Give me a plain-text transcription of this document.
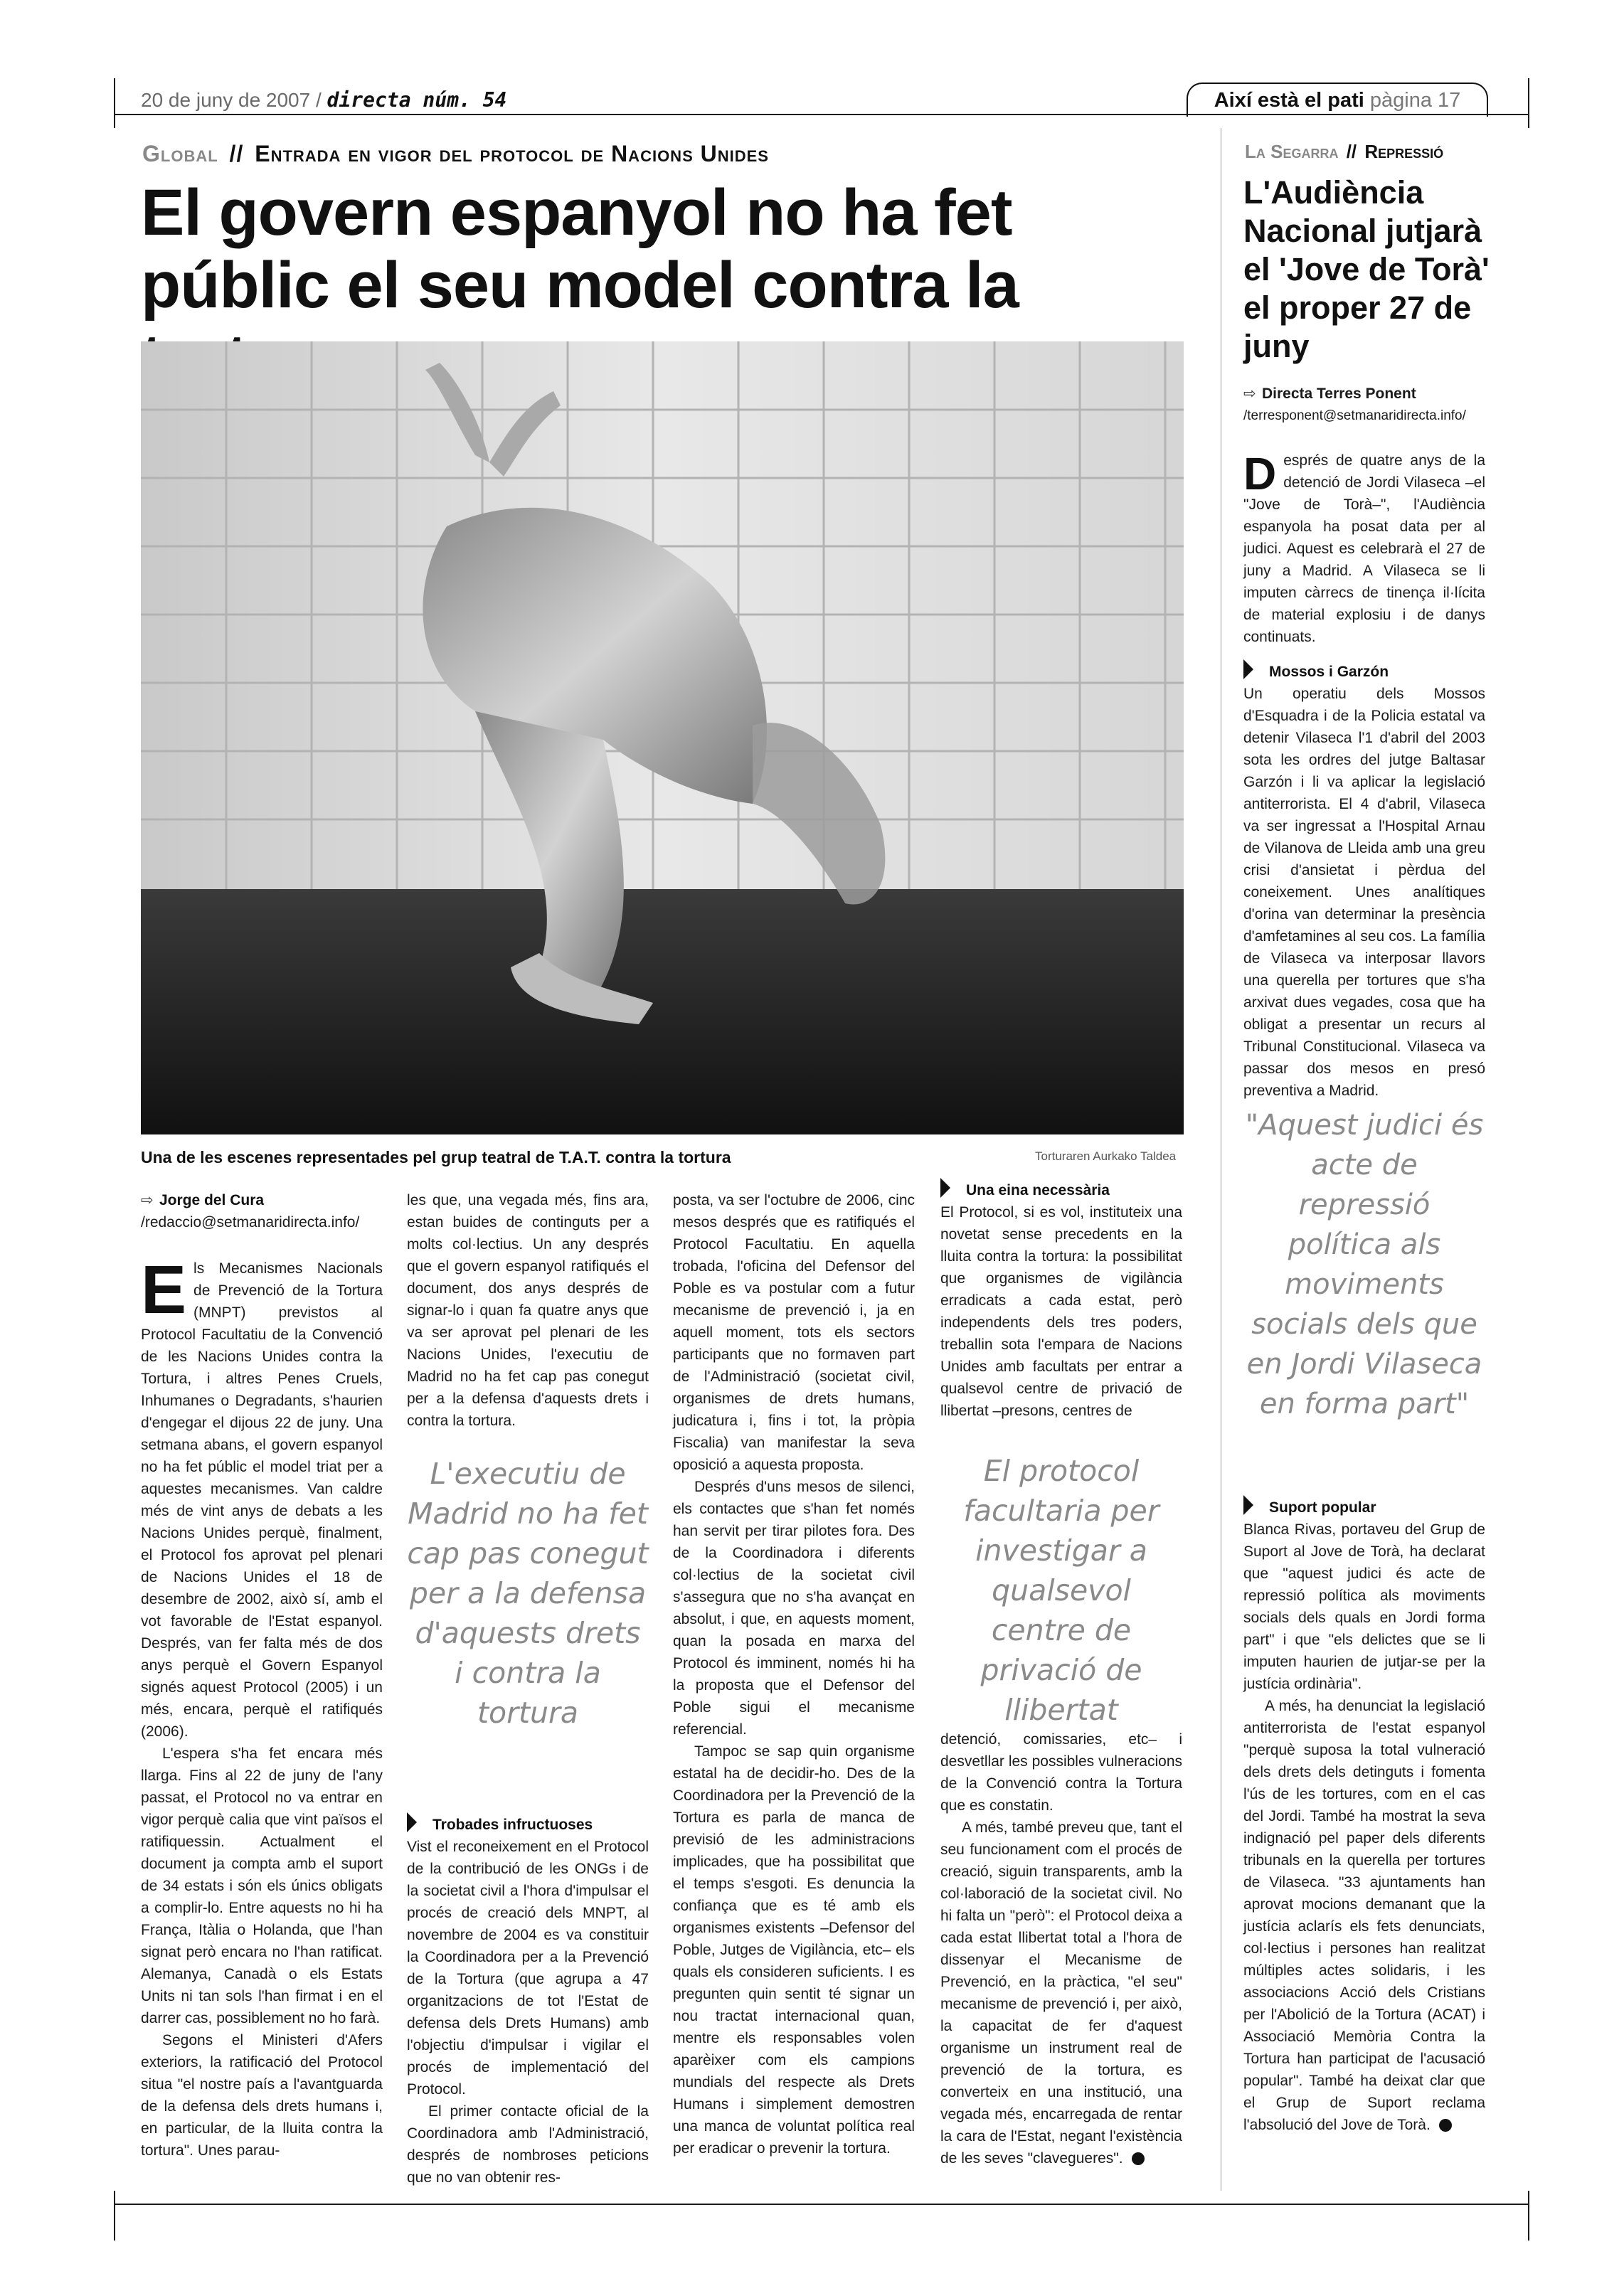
20 de juny de 2007 / directa núm. 54	Així està el pati pàgina 17
Global // Entrada en vigor del protocol de Nacions Unides
El govern espanyol no ha fet públic el seu model contra la
Una de les escenes representades pel grup teatral de T.A.T. contra la tortura	Torturaren Aurkako Taldea
⇨ Jorge del Cura
/redaccio@setmanaridirecta.info/

Els Mecanismes Nacionals de Prevenció de la Tortura (MNPT) previstos al Protocol Facultatiu de la Convenció de les Nacions Unides contra la Tortura, i altres Penes Cruels, Inhumanes o Degradants, s'haurien d'engegar el dijous 22 de juny. Una setmana abans, el govern espanyol no ha fet públic el model triat per a aquestes mecanismes. Van caldre més de vint anys de debats a les Nacions Unides perquè, finalment, el Protocol fos aprovat pel plenari de Nacions Unides el 18 de desembre de 2002, això sí, amb el vot favorable de l'Estat espanyol. Després, van fer falta més de dos anys perquè el Govern Espanyol signés aquest Protocol (2005) i un més, encara, perquè el ratifiqués (2006).

L'espera s'ha fet encara més llarga. Fins al 22 de juny de l'any passat, el Protocol no va entrar en vigor perquè calia que vint països el ratifiquessin. Actualment el document ja compta amb el suport de 34 estats i són els únics obligats a complir-lo. Entre aquests no hi ha França, Itàlia o Holanda, que l'han signat però encara no l'han ratificat. Alemanya, Canadà o els Estats Units ni tan sols l'han firmat i en el darrer cas, possiblement no ho farà.

Segons el Ministeri d'Afers exteriors, la ratificació del Protocol situa "el nostre país a l'avantguarda de la defensa dels drets humans i, en particular, de la lluita contra la tortura". Unes parau-

les que, una vegada més, fins ara, estan buides de continguts per a molts col·lectius. Un any després que el govern espanyol ratifiqués el document, dos anys després de signar-lo i quan fa quatre anys que va ser aprovat pel plenari de les Nacions Unides, l'executiu de Madrid no ha fet cap pas conegut per a la defensa d'aquests drets i contra la tortura.

L'executiu de Madrid no ha fet cap pas conegut per a la defensa d'aquests drets i contra la tortura
Trobades infructuoses

Vist el reconeixement en el Protocol de la contribució de les ONGs i de la societat civil a l'hora d'impulsar el procés de creació dels MNPT, al novembre de 2004 es va constituir la Coordinadora per a la Prevenció de la Tortura (que agrupa a 47 organitzacions de tot l'Estat de defensa dels Drets Humans) amb l'objectiu d'impulsar i vigilar el procés de implementació del Protocol.

El primer contacte oficial de la Coordinadora amb l'Administració, després de nombroses peticions que no van obtenir res-

posta, va ser l'octubre de 2006, cinc mesos després que es ratifiqués el Protocol Facultatiu. En aquella trobada, l'oficina del Defensor del Poble es va postular com a futur mecanisme de prevenció i, ja en aquell moment, tots els sectors participants que no formaven part de l'Administració (societat civil, organismes de drets humans, judicatura i, fins i tot, la pròpia Fiscalia) van manifestar la seva oposició a aquesta proposta.

Després d'uns mesos de silenci, els contactes que s'han fet només han servit per tirar pilotes fora. Des de la Coordinadora i diferents col·lectius de la societat civil s'assegura que no s'ha avançat en absolut, i que, en aquests moment, quan la posada en marxa del Protocol és imminent, només hi ha la proposta que el Defensor del Poble sigui el mecanisme referencial.

Tampoc se sap quin organisme estatal ha de decidir-ho. Des de la Coordinadora per la Prevenció de la Tortura es parla de manca de previsió de les administracions implicades, que ha possibilitat que el temps s'esgoti. Es denuncia la confiança que es té amb els organismes existents –Defensor del Poble, Jutges de Vigilància, etc– els quals els consideren suficients. I es pregunten quin sentit té signar un nou tractat internacional quan, mentre els responsables volen aparèixer com els campions mundials del respecte als Drets Humans i simplement demostren una manca de voluntat política real per eradicar o prevenir la tortura.

Una eina necessària

El Protocol, si es vol, instituteix una novetat sense precedents en la lluita contra la tortura: la possibilitat que organismes de vigilància erradicats a cada estat, però independents dels tres poders, treballin sota l'empara de Nacions Unides amb facultats per entrar a qualsevol centre de privació de llibertat –presons, centres de

El protocol facultaria per investigar a qualsevol centre de privació de llibertat

detenció, comissaries, etc– i desvetllar les possibles vulneracions de la Convenció contra la Tortura que es constatin.

A més, també preveu que, tant el seu funcionament com el procés de creació, siguin transparents, amb la col·laboració de la societat civil. No hi falta un "però": el Protocol deixa a cada estat llibertat total a l'hora de dissenyar el Mecanisme de Prevenció, en la pràctica, "el seu" mecanisme de prevenció i, per això, la capacitat de fer d'aquest organisme un instrument real de prevenció de la tortura, es converteix en una institució, una vegada més, encarregada de rentar la cara de l'Estat, negant l'existència de les seves "clavegueres".

La Segarra // Repressió
L'Audiència Nacional jutjarà el 'Jove de Torà' el proper 27 de juny
⇨ Directa Terres Ponent
/terresponent@setmanaridirecta.info/

Després de quatre anys de la detenció de Jordi Vilaseca –el "Jove de Torà–", l'Audiència espanyola ha posat data per al judici. Aquest es celebrarà el 27 de juny a Madrid. A Vilaseca se li imputen càrrecs de tinença il·lícita de material explosiu i de danys continuats.

Mossos i Garzón

Un operatiu dels Mossos d'Esquadra i de la Policia estatal va detenir Vilaseca l'1 d'abril del 2003 sota les ordres del jutge Baltasar Garzón i li va aplicar la legislació antiterrorista. El 4 d'abril, Vilaseca va ser ingressat a l'Hospital Arnau de Vilanova de Lleida amb una greu crisi d'ansietat i pèrdua del coneixement. Unes analítiques d'orina van determinar la presència d'amfetamines al seu cos. La família de Vilaseca va interposar llavors una querella per tortures que s'ha arxivat dues vegades, cosa que ha obligat a presentar un recurs al Tribunal Constitucional. Vilaseca va passar dos mesos en presó preventiva a Madrid.

"Aquest judici és acte de repressió política als moviments socials dels que en Jordi Vilaseca en forma part"
Suport popular

Blanca Rivas, portaveu del Grup de Suport al Jove de Torà, ha declarat que "aquest judici és acte de repressió política als moviments socials dels quals en Jordi forma part" i que "els delictes que se li imputen haurien de jutjar-se per la justícia ordinària".

A més, ha denunciat la legislació antiterrorista de l'estat espanyol "perquè suposa la total vulneració dels drets dels detinguts i fomenta l'ús de les tortures, com en el cas del Jordi. També ha mostrat la seva indignació pel paper dels diferents tribunals en la querella per tortures de Vilaseca. "33 ajuntaments han aprovat mocions demanant que la justícia aclarís els fets denunciats, col·lectius i persones han realitzat múltiples actes solidaris, i les associacions Acció dels Cristians per l'Abolició de la Tortura (ACAT) i Associació Memòria Contra la Tortura han participat de l'acusació popular". També ha deixat clar que el Grup de Suport reclama l'absolució del Jove de Torà.
